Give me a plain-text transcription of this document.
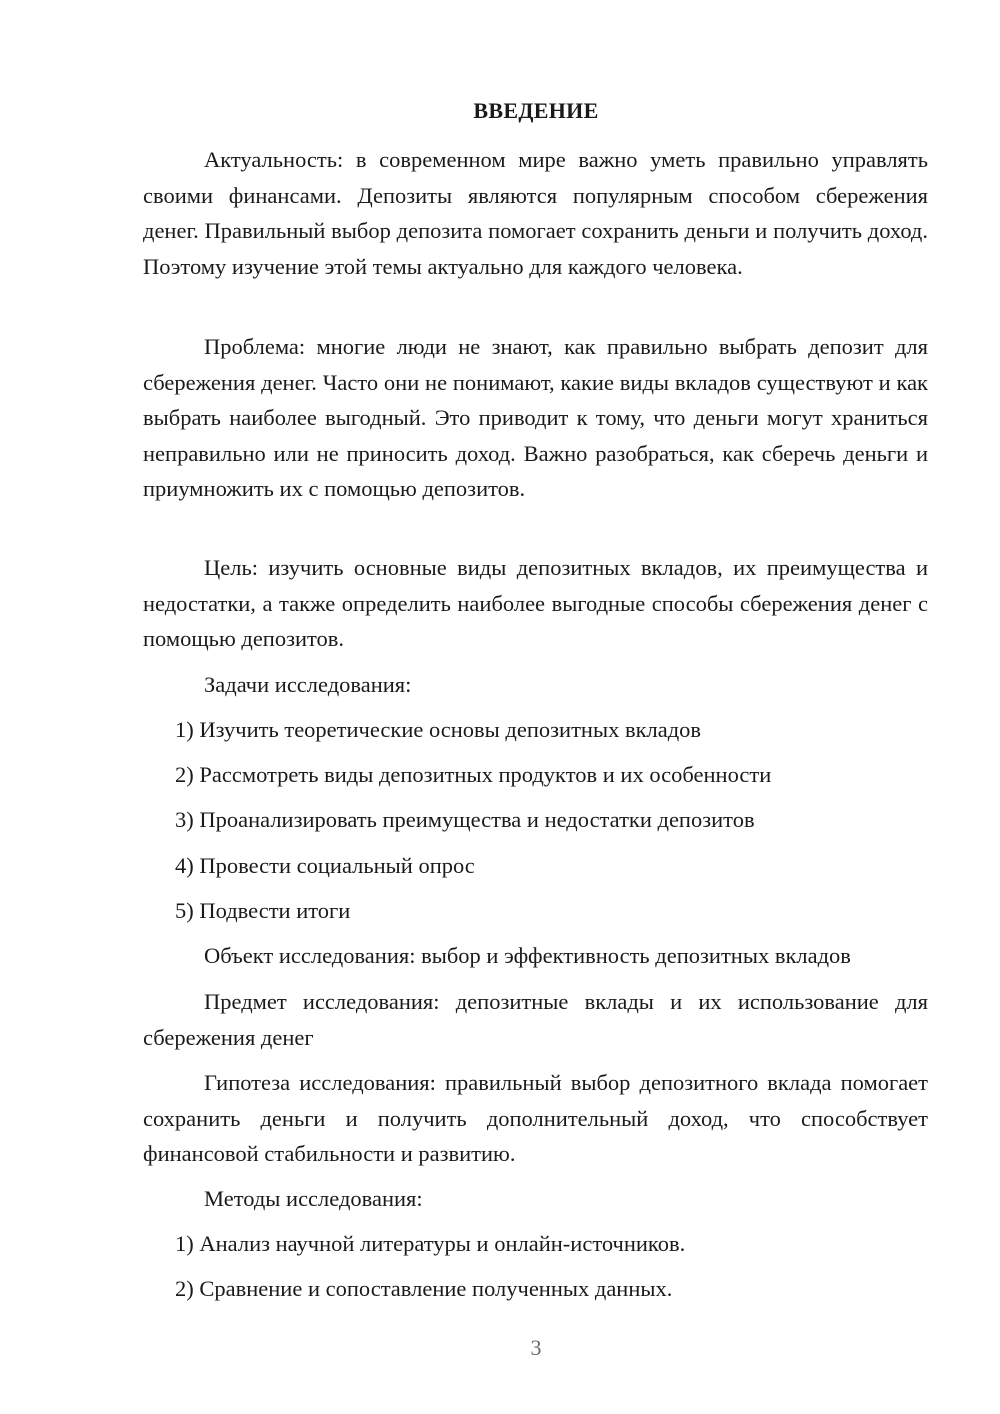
ВВЕДЕНИЕ

Актуальность: в современном мире важно уметь правильно управлять своими финансами. Депозиты являются популярным способом сбережения денег. Правильный выбор депозита помогает сохранить деньги и получить доход. Поэтому изучение этой темы актуально для каждого человека.

Проблема: многие люди не знают, как правильно выбрать депозит для сбережения денег. Часто они не понимают, какие виды вкладов существуют и как выбрать наиболее выгодный. Это приводит к тому, что деньги могут храниться неправильно или не приносить доход. Важно разобраться, как сберечь деньги и приумножить их с помощью депозитов.

Цель: изучить основные виды депозитных вкладов, их преимущества и недостатки, а также определить наиболее выгодные способы сбережения денег с помощью депозитов.

Задачи исследования:

1) Изучить теоретические основы депозитных вкладов

2) Рассмотреть виды депозитных продуктов и их особенности

3) Проанализировать преимущества и недостатки депозитов

4) Провести социальный опрос

5) Подвести итоги

Объект исследования: выбор и эффективность депозитных вкладов

Предмет исследования: депозитные вклады и их использование для сбережения денег

Гипотеза исследования: правильный выбор депозитного вклада помогает сохранить деньги и получить дополнительный доход, что способствует финансовой стабильности и развитию.

Методы исследования:

1) Анализ научной литературы и онлайн-источников.

2) Сравнение и сопоставление полученных данных.

3
